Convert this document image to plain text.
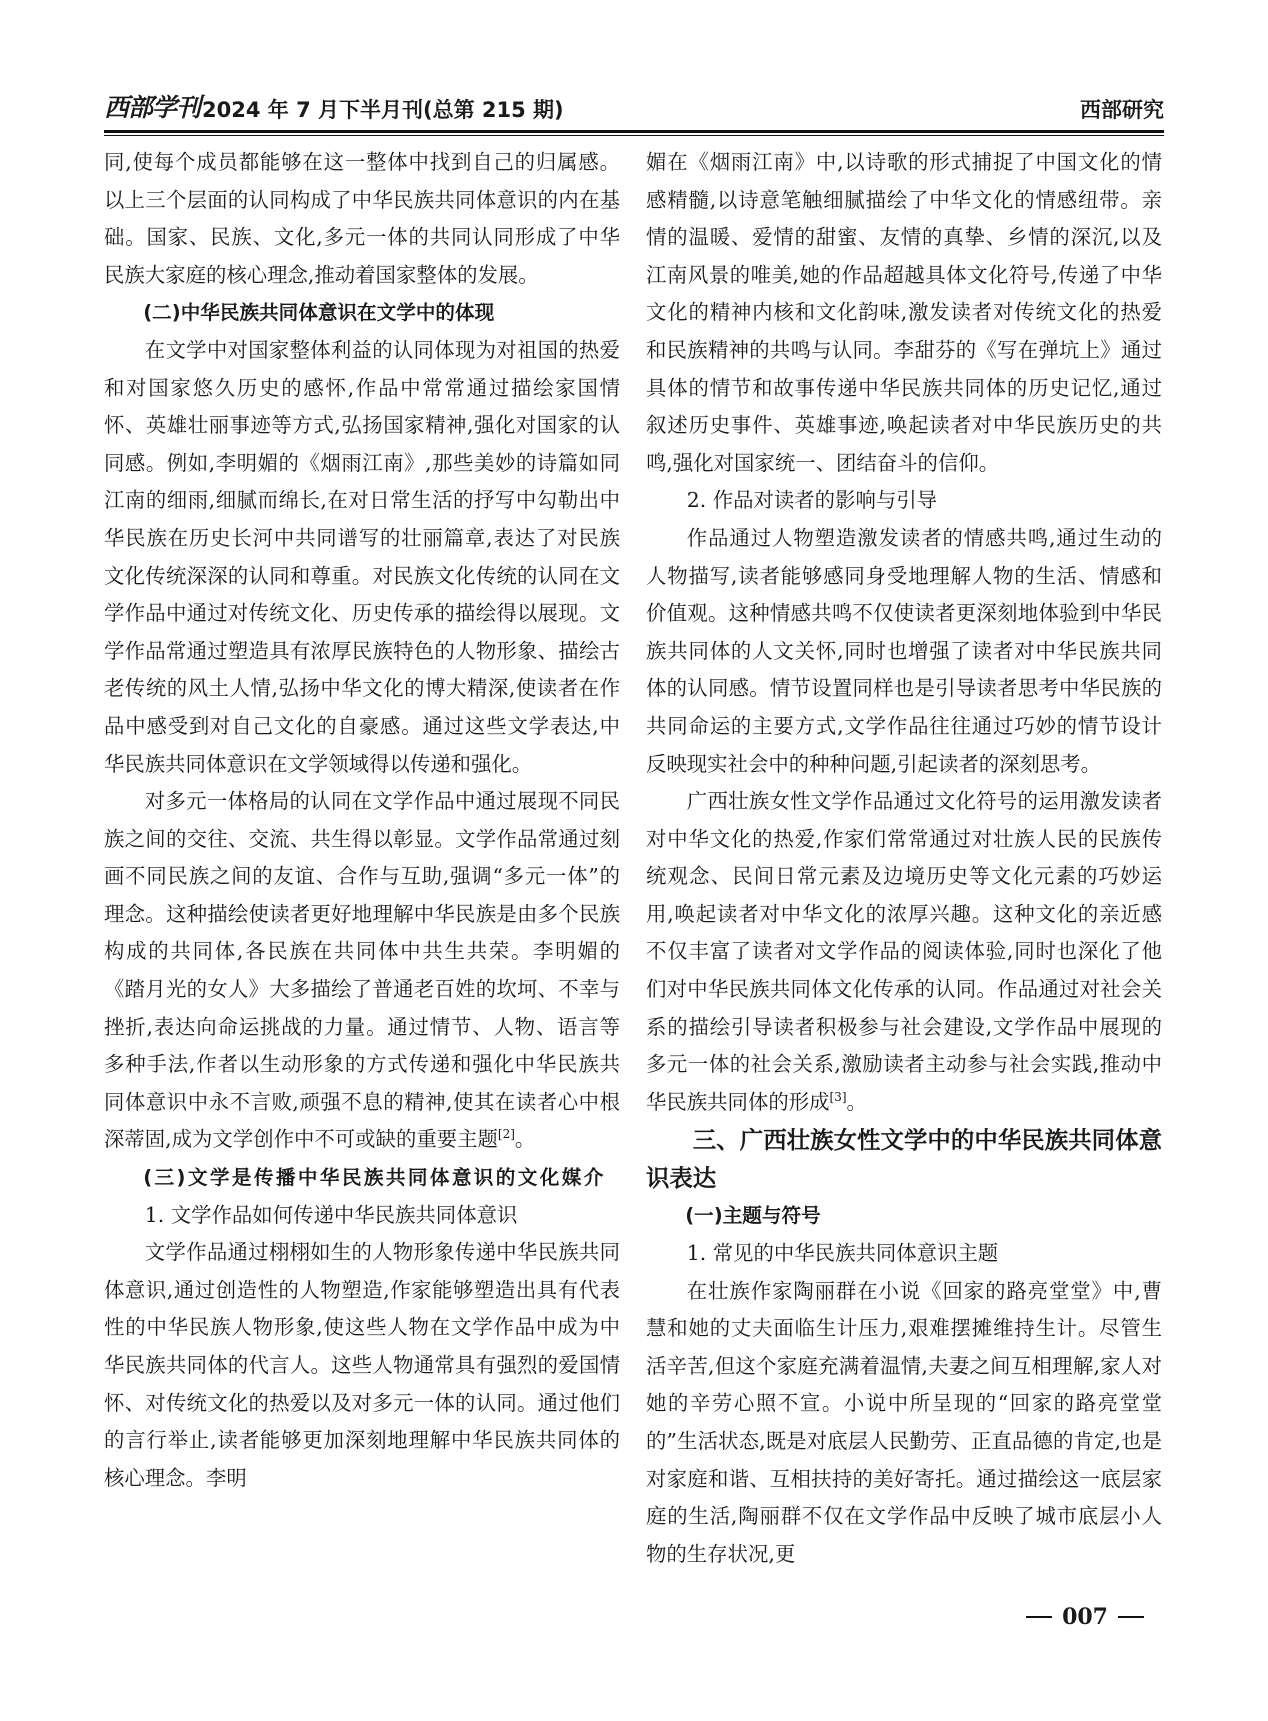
西部学刊 2024 年 7 月下半月刊(总第 215 期)	西部研究

同,使每个成员都能够在这一整体中找到自己的归属感。以上三个层面的认同构成了中华民族共同体意识的内在基础。国家、民族、文化,多元一体的共同认同形成了中华民族大家庭的核心理念,推动着国家整体的发展。

(二)中华民族共同体意识在文学中的体现

在文学中对国家整体利益的认同体现为对祖国的热爱和对国家悠久历史的感怀,作品中常常通过描绘家国情怀、英雄壮丽事迹等方式,弘扬国家精神,强化对国家的认同感。例如,李明媚的《烟雨江南》,那些美妙的诗篇如同江南的细雨,细腻而绵长,在对日常生活的抒写中勾勒出中华民族在历史长河中共同谱写的壮丽篇章,表达了对民族文化传统深深的认同和尊重。对民族文化传统的认同在文学作品中通过对传统文化、历史传承的描绘得以展现。文学作品常通过塑造具有浓厚民族特色的人物形象、描绘古老传统的风土人情,弘扬中华文化的博大精深,使读者在作品中感受到对自己文化的自豪感。通过这些文学表达,中华民族共同体意识在文学领域得以传递和强化。

对多元一体格局的认同在文学作品中通过展现不同民族之间的交往、交流、共生得以彰显。文学作品常通过刻画不同民族之间的友谊、合作与互助,强调“多元一体”的理念。这种描绘使读者更好地理解中华民族是由多个民族构成的共同体,各民族在共同体中共生共荣。李明媚的《踏月光的女人》大多描绘了普通老百姓的坎坷、不幸与挫折,表达向命运挑战的力量。通过情节、人物、语言等多种手法,作者以生动形象的方式传递和强化中华民族共同体意识中永不言败,顽强不息的精神,使其在读者心中根深蒂固,成为文学创作中不可或缺的重要主题[2]。

(三)文学是传播中华民族共同体意识的文化媒介

1. 文学作品如何传递中华民族共同体意识

文学作品通过栩栩如生的人物形象传递中华民族共同体意识,通过创造性的人物塑造,作家能够塑造出具有代表性的中华民族人物形象,使这些人物在文学作品中成为中华民族共同体的代言人。这些人物通常具有强烈的爱国情怀、对传统文化的热爱以及对多元一体的认同。通过他们的言行举止,读者能够更加深刻地理解中华民族共同体的核心理念。李明

媚在《烟雨江南》中,以诗歌的形式捕捉了中国文化的情感精髓,以诗意笔触细腻描绘了中华文化的情感纽带。亲情的温暖、爱情的甜蜜、友情的真挚、乡情的深沉,以及江南风景的唯美,她的作品超越具体文化符号,传递了中华文化的精神内核和文化韵味,激发读者对传统文化的热爱和民族精神的共鸣与认同。李甜芬的《写在弹坑上》通过具体的情节和故事传递中华民族共同体的历史记忆,通过叙述历史事件、英雄事迹,唤起读者对中华民族历史的共鸣,强化对国家统一、团结奋斗的信仰。

2. 作品对读者的影响与引导

作品通过人物塑造激发读者的情感共鸣,通过生动的人物描写,读者能够感同身受地理解人物的生活、情感和价值观。这种情感共鸣不仅使读者更深刻地体验到中华民族共同体的人文关怀,同时也增强了读者对中华民族共同体的认同感。情节设置同样也是引导读者思考中华民族的共同命运的主要方式,文学作品往往通过巧妙的情节设计反映现实社会中的种种问题,引起读者的深刻思考。

广西壮族女性文学作品通过文化符号的运用激发读者对中华文化的热爱,作家们常常通过对壮族人民的民族传统观念、民间日常元素及边境历史等文化元素的巧妙运用,唤起读者对中华文化的浓厚兴趣。这种文化的亲近感不仅丰富了读者对文学作品的阅读体验,同时也深化了他们对中华民族共同体文化传承的认同。作品通过对社会关系的描绘引导读者积极参与社会建设,文学作品中展现的多元一体的社会关系,激励读者主动参与社会实践,推动中华民族共同体的形成[3]。

三、广西壮族女性文学中的中华民族共同体意识表达

(一)主题与符号

1. 常见的中华民族共同体意识主题

在壮族作家陶丽群在小说《回家的路亮堂堂》中,曹慧和她的丈夫面临生计压力,艰难摆摊维持生计。尽管生活辛苦,但这个家庭充满着温情,夫妻之间互相理解,家人对她的辛劳心照不宣。小说中所呈现的“回家的路亮堂堂的”生活状态,既是对底层人民勤劳、正直品德的肯定,也是对家庭和谐、互相扶持的美好寄托。通过描绘这一底层家庭的生活,陶丽群不仅在文学作品中反映了城市底层小人物的生存状况,更

007
